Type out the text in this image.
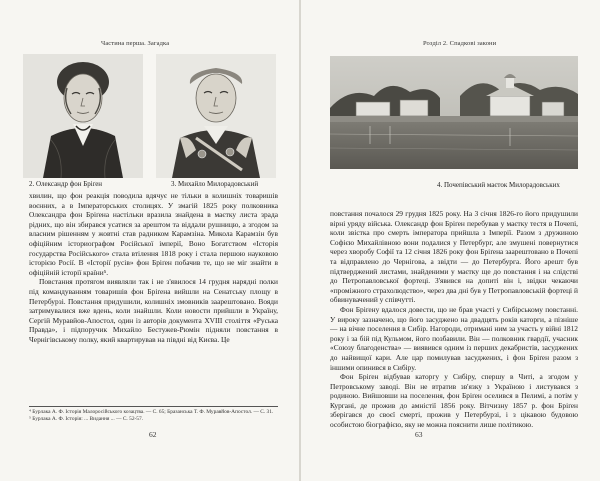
Частина перша. Загадка
2. Олександр фон Бріґен	3. Михайло Милорадовський

хвилин, що фон реакція поводила вдячує не тільки в колишніх товаришів воєнних, а в Імператорських столицях. У змагій 1825 року полковника Олександра фон Бріґена настільки вразила знайдена в маєтку листа зрада рідних, що він збирався усатися за арештом та віддали рушницю, а згодом за власним рішенням у жовтні став радником Карамзіна. Микола Карамзін був офіційним істориографом Російської імперії, Воно Богатством «Історія государства Російського» стала втілення 1818 року і стала першою науковою історією Росії. В «Історії русів» фон Бріґен побачив те, що не міг знайти в офіційній історії країни⁵.

Повстання протягом виявляли так і не з'явилося 14 грудня нарядні полки під командуванням товаришів фон Бріґена вийшли на Сенатську площу в Петербурзі. Повстання придушили, колишніх змовників заарештовано. Вояди затримувалися вже вдень, коли знайшли. Коли новости прийшли в Україну, Сергій Муравйов-Апостол, один із авторів документа XVIII століття «Руська Правда», і підпоручик Михайло Бестужев-Рюмін підняли повстання в Чернігівському полку, який квартирував на півдні від Києва. Це

⁴ Бурлака А. Ф. Історія Малоросійського козацтва. — С. 65; Бразанська Т. Ф. Муравйов-Апостол. — С. 31.

⁵ Бурлака А. Ф. Історія: ... Видання ... — С. 52-57.

62
Розділ 2. Спадкові закони
4. Почепівський маєток Милорадовських

повстання почалося 29 грудня 1825 року. На 3 січня 1826-го його придушили вірні уряду війська. Олександр фон Бріґен перебував у маєтку тестя в Почепі, коли звістка про смерть імператора прийшла з Імперії. Разом з дружиною Софією Михайлівною вони подалися у Петербург, але змушені повернутися через хворобу Софії та 12 січня 1826 року фон Бріґена заарештовано в Почепі та відправлено до Чернігова, а звідти — до Петербурга. Його арешт був підтверджений листами, знайденими у маєтку ще до повстання і на слідстві до Петропавловської фортеці. З'явився на допиті він і, звідки чекаючи «проміжного страхолюдство», через два дні був у Петропавловській фортеці й обвинувачений у співчутті.

Фон Бріґену вдалося довести, що не брав участі у Сибірському повстанні. У вироку зазначено, що його засуджено на двадцять років каторги, а пізніше — на вічне поселення в Сибір. Нагороди, отримані ним за участь у війні 1812 року і за бій під Кульмом, його позбавили. Він — полковник гвардії, учасник «Союзу благоденства» — виявився одним із перших декабристів, засуджених до найвищої кари. Але цар помилував засуджених, і фон Бріґен разом з іншими опинився в Сибіру.

Фон Бріґен відбував каторгу у Сибіру, спершу в Читі, а згодом у Петровському заводі. Він не втратив зв'язку з Україною і листувався з родиною. Вийшовши на поселення, фон Бріґен оселився в Пелимі, а потім у Кургані, де прожив до амністії 1856 року. Вітчизну 1857 р. фон Бріґен зберігався до своєї смерті, прожив у Петербурзі, і з цікавою будовою особистою біографією, яку не можна пояснити лише політикою.

63
